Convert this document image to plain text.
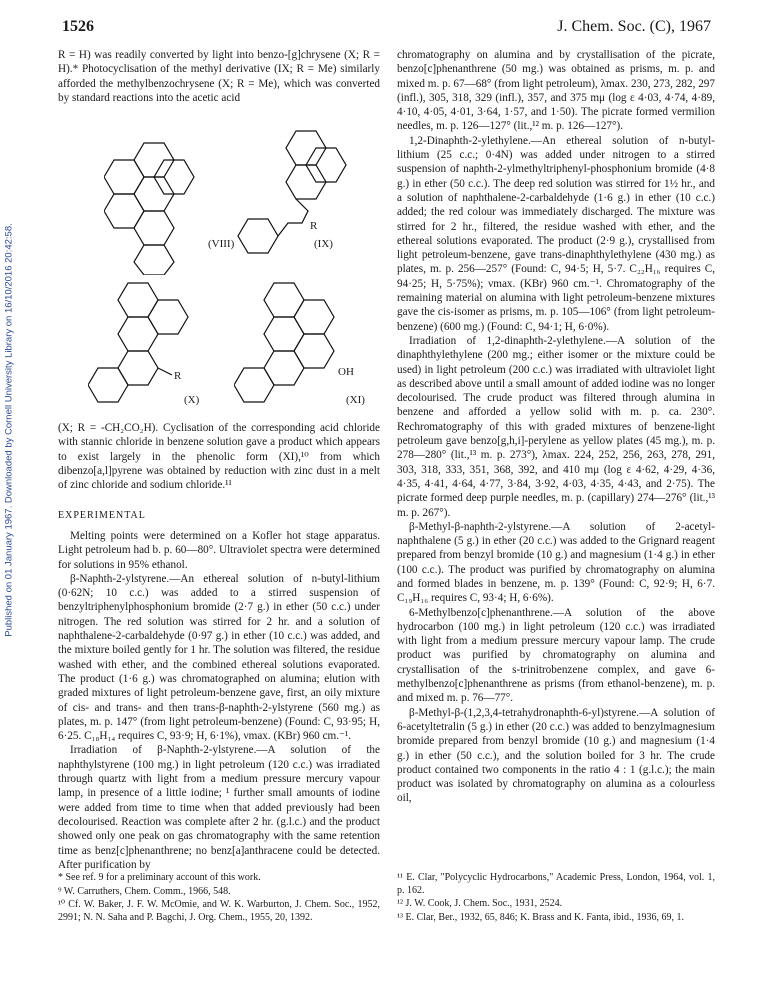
Published on 01 January 1967. Downloaded by Cornell University Library on 16/10/2016 20:42:58.
1526	J. Chem. Soc. (C), 1967

R = H) was readily converted by light into benzo-[g]chrysene (X; R = H).* Photocyclisation of the methyl derivative (IX; R = Me) similarly afforded the methylbenzochrysene (X; R = Me), which was converted by standard reactions into the acetic acid

(VIII)
R
(IX)
R
(X)
OH
(XI)

(X; R = -CH₂CO₂H). Cyclisation of the corresponding acid chloride with stannic chloride in benzene solution gave a product which appears to exist largely in the phenolic form (XI),¹⁰ from which dibenzo[a,l]pyrene was obtained by reduction with zinc dust in a melt of zinc chloride and sodium chloride.¹¹

EXPERIMENTAL

Melting points were determined on a Kofler hot stage apparatus. Light petroleum had b. p. 60—80°. Ultraviolet spectra were determined for solutions in 95% ethanol.

β-Naphth-2-ylstyrene.—An ethereal solution of n-butyl-lithium (0·62N; 10 c.c.) was added to a stirred suspension of benzyltriphenylphosphonium bromide (2·7 g.) in ether (50 c.c.) under nitrogen. The red solution was stirred for 2 hr. and a solution of naphthalene-2-carbaldehyde (0·97 g.) in ether (10 c.c.) was added, and the mixture boiled gently for 1 hr. The solution was filtered, the residue washed with ether, and the combined ethereal solutions evaporated. The product (1·6 g.) was chromatographed on alumina; elution with graded mixtures of light petroleum-benzene gave, first, an oily mixture of cis- and trans- and then trans-β-naphth-2-ylstyrene (560 mg.) as plates, m. p. 147° (from light petroleum-benzene) (Found: C, 93·95; H, 6·25. C₁₈H₁₄ requires C, 93·9; H, 6·1%), νmax. (KBr) 960 cm.⁻¹.

Irradiation of β-Naphth-2-ylstyrene.—A solution of the naphthylstyrene (100 mg.) in light petroleum (120 c.c.) was irradiated through quartz with light from a medium pressure mercury vapour lamp, in presence of a little iodine; ¹ further small amounts of iodine were added from time to time when that added previously had been decolourised. Reaction was complete after 2 hr. (g.l.c.) and the product showed only one peak on gas chromatography with the same retention time as benz[c]phenanthrene; no benz[a]anthracene could be detected. After purification by

chromatography on alumina and by crystallisation of the picrate, benzo[c]phenanthrene (50 mg.) was obtained as prisms, m. p. and mixed m. p. 67—68° (from light petroleum), λmax. 230, 273, 282, 297 (infl.), 305, 318, 329 (infl.), 357, and 375 mμ (log ε 4·03, 4·74, 4·89, 4·10, 4·05, 4·01, 3·64, 1·57, and 1·50). The picrate formed vermilion needles, m. p. 126—127° (lit.,¹² m. p. 126—127°).

1,2-Dinaphth-2-ylethylene.—An ethereal solution of n-butyl-lithium (25 c.c.; 0·4N) was added under nitrogen to a stirred suspension of naphth-2-ylmethyltriphenyl-phosphonium bromide (4·8 g.) in ether (50 c.c.). The deep red solution was stirred for 1½ hr., and a solution of naphthalene-2-carbaldehyde (1·6 g.) in ether (10 c.c.) added; the red colour was immediately discharged. The mixture was stirred for 2 hr., filtered, the residue washed with ether, and the ethereal solutions evaporated. The product (2·9 g.), crystallised from light petroleum-benzene, gave trans-dinaphthylethylene (430 mg.) as plates, m. p. 256—257° (Found: C, 94·5; H, 5·7. C₂₂H₁₆ requires C, 94·25; H, 5·75%); νmax. (KBr) 960 cm.⁻¹. Chromatography of the remaining material on alumina with light petroleum-benzene mixtures gave the cis-isomer as prisms, m. p. 105—106° (from light petroleum-benzene) (600 mg.) (Found: C, 94·1; H, 6·0%).

Irradiation of 1,2-dinaphth-2-ylethylene.—A solution of the dinaphthylethylene (200 mg.; either isomer or the mixture could be used) in light petroleum (200 c.c.) was irradiated with ultraviolet light as described above until a small amount of added iodine was no longer decolourised. The crude product was filtered through alumina in benzene and afforded a yellow solid with m. p. ca. 230°. Rechromatography of this with graded mixtures of benzene-light petroleum gave benzo[g,h,i]-perylene as yellow plates (45 mg.), m. p. 278—280° (lit.,¹³ m. p. 273°), λmax. 224, 252, 256, 263, 278, 291, 303, 318, 333, 351, 368, 392, and 410 mμ (log ε 4·62, 4·29, 4·36, 4·35, 4·41, 4·64, 4·77, 3·84, 3·92, 4·03, 4·35, 4·43, and 2·75). The picrate formed deep purple needles, m. p. (capillary) 274—276° (lit.,¹³ m. p. 267°).

β-Methyl-β-naphth-2-ylstyrene.—A solution of 2-acetyl-naphthalene (5 g.) in ether (20 c.c.) was added to the Grignard reagent prepared from benzyl bromide (10 g.) and magnesium (1·4 g.) in ether (100 c.c.). The product was purified by chromatography on alumina and formed blades in benzene, m. p. 139° (Found: C, 92·9; H, 6·7. C₁₉H₁₆ requires C, 93·4; H, 6·6%).

6-Methylbenzo[c]phenanthrene.—A solution of the above hydrocarbon (100 mg.) in light petroleum (120 c.c.) was irradiated with light from a medium pressure mercury vapour lamp. The crude product was purified by chromatography on alumina and crystallisation of the s-trinitrobenzene complex, and gave 6-methylbenzo[c]phenanthrene as prisms (from ethanol-benzene), m. p. and mixed m. p. 76—77°.

β-Methyl-β-(1,2,3,4-tetrahydronaphth-6-yl)styrene.—A solution of 6-acetyltetralin (5 g.) in ether (20 c.c.) was added to benzylmagnesium bromide prepared from benzyl bromide (10 g.) and magnesium (1·4 g.) in ether (50 c.c.), and the solution boiled for 3 hr. The crude product contained two components in the ratio 4 : 1 (g.l.c.); the main product was isolated by chromatography on alumina as a colourless oil,

* See ref. 9 for a preliminary account of this work.

⁹ W. Carruthers, Chem. Comm., 1966, 548.

¹⁰ Cf. W. Baker, J. F. W. McOmie, and W. K. Warburton, J. Chem. Soc., 1952, 2991; N. N. Saha and P. Bagchi, J. Org. Chem., 1955, 20, 1392.

¹¹ E. Clar, "Polycyclic Hydrocarbons," Academic Press, London, 1964, vol. 1, p. 162.

¹² J. W. Cook, J. Chem. Soc., 1931, 2524.

¹³ E. Clar, Ber., 1932, 65, 846; K. Brass and K. Fanta, ibid., 1936, 69, 1.
